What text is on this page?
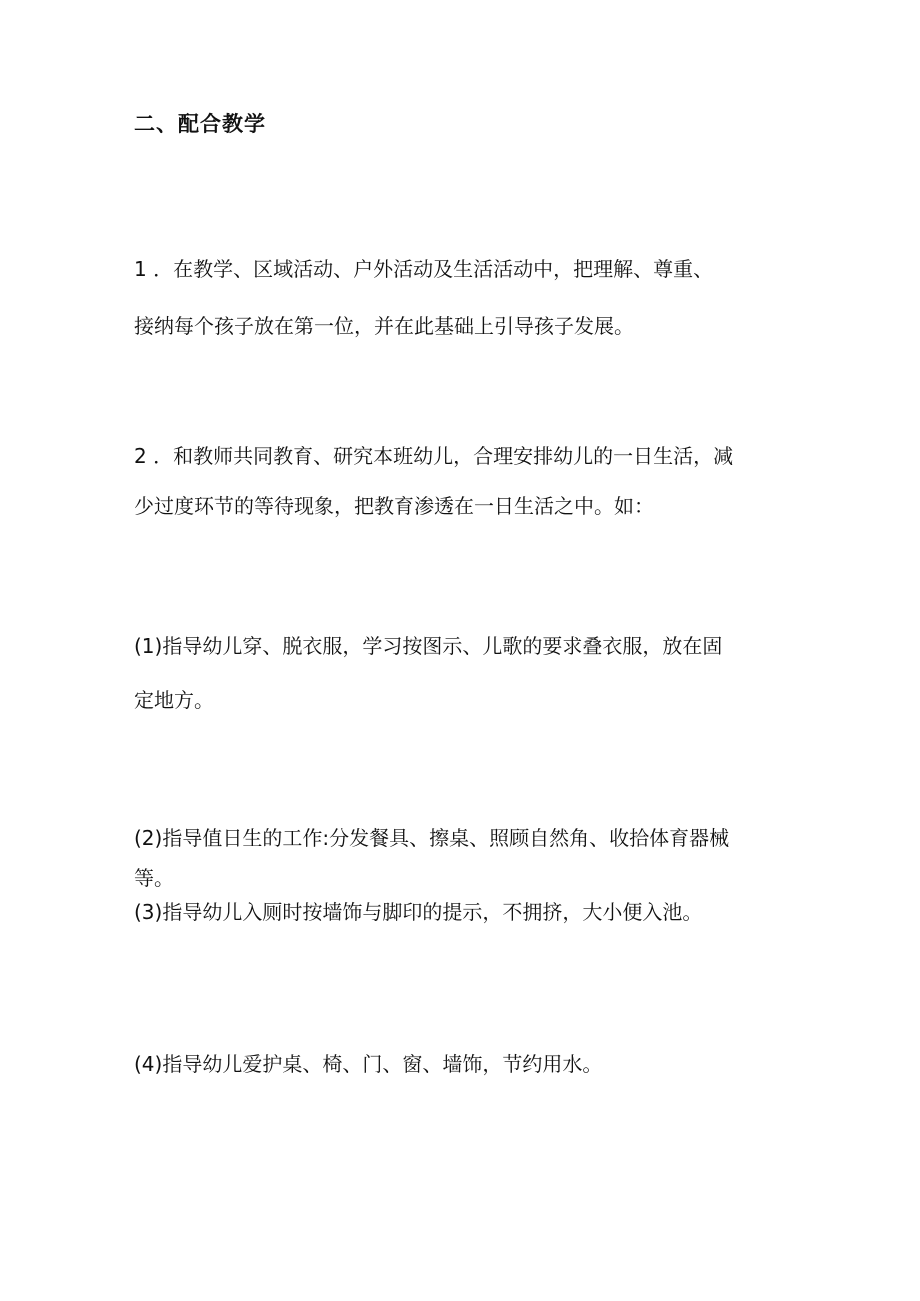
二、配合教学
1 ．在教学、区域活动、户外活动及生活活动中，把理解、尊重、
接纳每个孩子放在第一位，并在此基础上引导孩子发展。
2 ．和教师共同教育、研究本班幼儿，合理安排幼儿的一日生活，减
少过度环节的等待现象，把教育渗透在一日生活之中。如：
(1)指导幼儿穿、脱衣服，学习按图示、儿歌的要求叠衣服，放在固
定地方。
(2)指导值日生的工作:分发餐具、擦桌、照顾自然角、收拾体育器械
等。
(3)指导幼儿入厕时按墙饰与脚印的提示，不拥挤，大小便入池。
(4)指导幼儿爱护桌、椅、门、窗、墙饰，节约用水。
